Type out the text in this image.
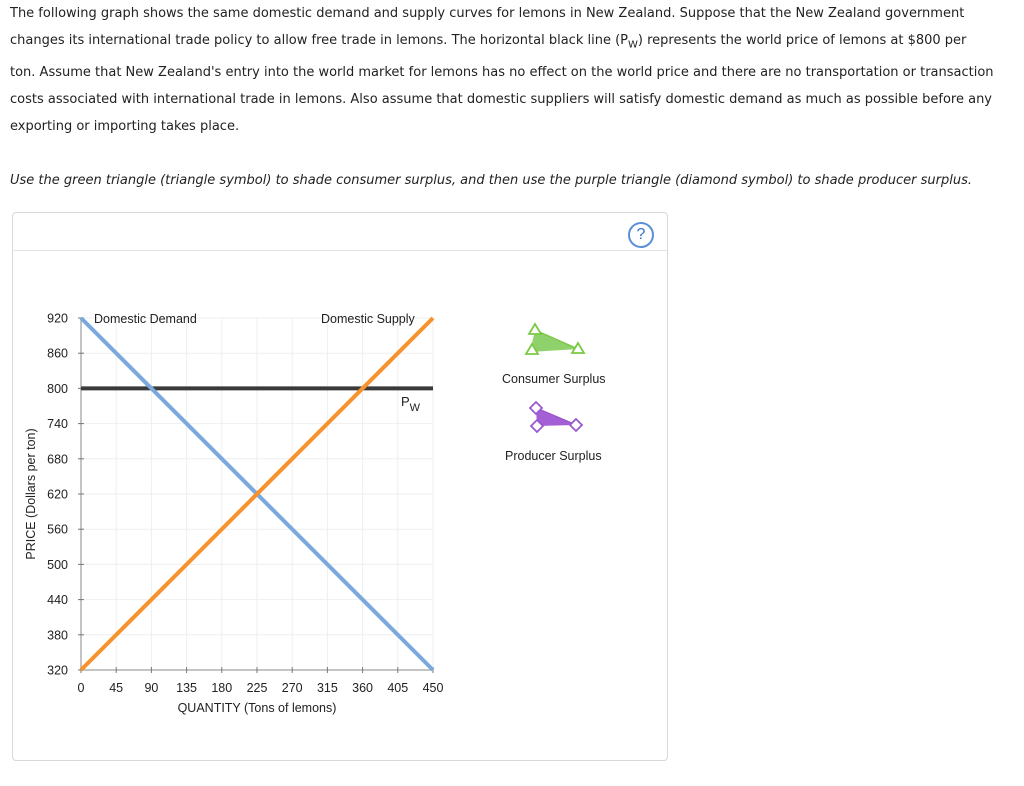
The following graph shows the same domestic demand and supply curves for lemons in New Zealand. Suppose that the New Zealand government
changes its international trade policy to allow free trade in lemons. The horizontal black line $(P_W)$ represents the world price of lemons at $800 per
ton. Assume that New Zealand's entry into the world market for lemons has no effect on the world price and there are no transportation or transaction
costs associated with international trade in lemons. Also assume that domestic suppliers will satisfy domestic demand as much as possible before any
exporting or importing takes place.
Use the green triangle (triangle symbol) to shade consumer surplus, and then use the purple triangle (diamond symbol) to shade producer surplus.
?
0 45 90 135 180 225 270 315 360 405 450
320
380
440
500
560
620
680
740
800
860
920
QUANTITY (Tons of lemons)
PRICE (Dollars per ton)
$P_W$
Domestic Demand	Domestic Supply
Consumer Surplus
Producer Surplus
